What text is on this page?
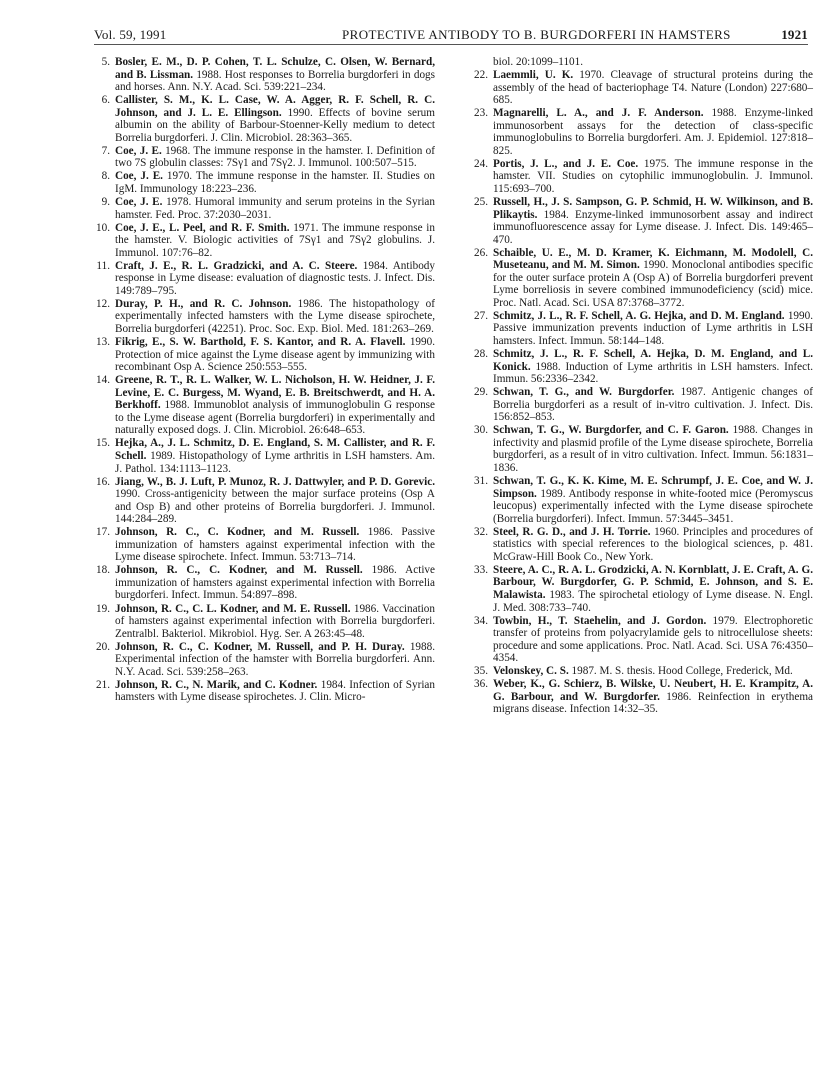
Vol. 59, 1991	PROTECTIVE ANTIBODY TO B. BURGDORFERI IN HAMSTERS	1921
5. Bosler, E. M., D. P. Cohen, T. L. Schulze, C. Olsen, W. Bernard, and B. Lissman. 1988. Host responses to Borrelia burgdorferi in dogs and horses. Ann. N.Y. Acad. Sci. 539:221–234.
6. Callister, S. M., K. L. Case, W. A. Agger, R. F. Schell, R. C. Johnson, and J. L. E. Ellingson. 1990. Effects of bovine serum albumin on the ability of Barbour-Stoenner-Kelly medium to detect Borrelia burgdorferi. J. Clin. Microbiol. 28:363–365.
7. Coe, J. E. 1968. The immune response in the hamster. I. Definition of two 7S globulin classes: 7Sγ1 and 7Sγ2. J. Immunol. 100:507–515.
8. Coe, J. E. 1970. The immune response in the hamster. II. Studies on IgM. Immunology 18:223–236.
9. Coe, J. E. 1978. Humoral immunity and serum proteins in the Syrian hamster. Fed. Proc. 37:2030–2031.
10. Coe, J. E., L. Peel, and R. F. Smith. 1971. The immune response in the hamster. V. Biologic activities of 7Sγ1 and 7Sγ2 globulins. J. Immunol. 107:76–82.
11. Craft, J. E., R. L. Gradzicki, and A. C. Steere. 1984. Antibody response in Lyme disease: evaluation of diagnostic tests. J. Infect. Dis. 149:789–795.
12. Duray, P. H., and R. C. Johnson. 1986. The histopathology of experimentally infected hamsters with the Lyme disease spirochete, Borrelia burgdorferi (42251). Proc. Soc. Exp. Biol. Med. 181:263–269.
13. Fikrig, E., S. W. Barthold, F. S. Kantor, and R. A. Flavell. 1990. Protection of mice against the Lyme disease agent by immunizing with recombinant Osp A. Science 250:553–555.
14. Greene, R. T., R. L. Walker, W. L. Nicholson, H. W. Heidner, J. F. Levine, E. C. Burgess, M. Wyand, E. B. Breitschwerdt, and H. A. Berkhoff. 1988. Immunoblot analysis of immunoglobulin G response to the Lyme disease agent (Borrelia burgdorferi) in experimentally and naturally exposed dogs. J. Clin. Microbiol. 26:648–653.
15. Hejka, A., J. L. Schmitz, D. E. England, S. M. Callister, and R. F. Schell. 1989. Histopathology of Lyme arthritis in LSH hamsters. Am. J. Pathol. 134:1113–1123.
16. Jiang, W., B. J. Luft, P. Munoz, R. J. Dattwyler, and P. D. Gorevic. 1990. Cross-antigenicity between the major surface proteins (Osp A and Osp B) and other proteins of Borrelia burgdorferi. J. Immunol. 144:284–289.
17. Johnson, R. C., C. Kodner, and M. Russell. 1986. Passive immunization of hamsters against experimental infection with the Lyme disease spirochete. Infect. Immun. 53:713–714.
18. Johnson, R. C., C. Kodner, and M. Russell. 1986. Active immunization of hamsters against experimental infection with Borrelia burgdorferi. Infect. Immun. 54:897–898.
19. Johnson, R. C., C. L. Kodner, and M. E. Russell. 1986. Vaccination of hamsters against experimental infection with Borrelia burgdorferi. Zentralbl. Bakteriol. Mikrobiol. Hyg. Ser. A 263:45–48.
20. Johnson, R. C., C. Kodner, M. Russell, and P. H. Duray. 1988. Experimental infection of the hamster with Borrelia burgdorferi. Ann. N.Y. Acad. Sci. 539:258–263.
21. Johnson, R. C., N. Marik, and C. Kodner. 1984. Infection of Syrian hamsters with Lyme disease spirochetes. J. Clin. Micro-
biol. 20:1099–1101.
22. Laemmli, U. K. 1970. Cleavage of structural proteins during the assembly of the head of bacteriophage T4. Nature (London) 227:680–685.
23. Magnarelli, L. A., and J. F. Anderson. 1988. Enzyme-linked immunosorbent assays for the detection of class-specific immunoglobulins to Borrelia burgdorferi. Am. J. Epidemiol. 127:818–825.
24. Portis, J. L., and J. E. Coe. 1975. The immune response in the hamster. VII. Studies on cytophilic immunoglobulin. J. Immunol. 115:693–700.
25. Russell, H., J. S. Sampson, G. P. Schmid, H. W. Wilkinson, and B. Plikaytis. 1984. Enzyme-linked immunosorbent assay and indirect immunofluorescence assay for Lyme disease. J. Infect. Dis. 149:465–470.
26. Schaible, U. E., M. D. Kramer, K. Eichmann, M. Modolell, C. Museteanu, and M. M. Simon. 1990. Monoclonal antibodies specific for the outer surface protein A (Osp A) of Borrelia burgdorferi prevent Lyme borreliosis in severe combined immunodeficiency (scid) mice. Proc. Natl. Acad. Sci. USA 87:3768–3772.
27. Schmitz, J. L., R. F. Schell, A. G. Hejka, and D. M. England. 1990. Passive immunization prevents induction of Lyme arthritis in LSH hamsters. Infect. Immun. 58:144–148.
28. Schmitz, J. L., R. F. Schell, A. Hejka, D. M. England, and L. Konick. 1988. Induction of Lyme arthritis in LSH hamsters. Infect. Immun. 56:2336–2342.
29. Schwan, T. G., and W. Burgdorfer. 1987. Antigenic changes of Borrelia burgdorferi as a result of in-vitro cultivation. J. Infect. Dis. 156:852–853.
30. Schwan, T. G., W. Burgdorfer, and C. F. Garon. 1988. Changes in infectivity and plasmid profile of the Lyme disease spirochete, Borrelia burgdorferi, as a result of in vitro cultivation. Infect. Immun. 56:1831–1836.
31. Schwan, T. G., K. K. Kime, M. E. Schrumpf, J. E. Coe, and W. J. Simpson. 1989. Antibody response in white-footed mice (Peromyscus leucopus) experimentally infected with the Lyme disease spirochete (Borrelia burgdorferi). Infect. Immun. 57:3445–3451.
32. Steel, R. G. D., and J. H. Torrie. 1960. Principles and procedures of statistics with special references to the biological sciences, p. 481. McGraw-Hill Book Co., New York.
33. Steere, A. C., R. A. L. Grodzicki, A. N. Kornblatt, J. E. Craft, A. G. Barbour, W. Burgdorfer, G. P. Schmid, E. Johnson, and S. E. Malawista. 1983. The spirochetal etiology of Lyme disease. N. Engl. J. Med. 308:733–740.
34. Towbin, H., T. Staehelin, and J. Gordon. 1979. Electrophoretic transfer of proteins from polyacrylamide gels to nitrocellulose sheets: procedure and some applications. Proc. Natl. Acad. Sci. USA 76:4350–4354.
35. Velonskey, C. S. 1987. M. S. thesis. Hood College, Frederick, Md.
36. Weber, K., G. Schierz, B. Wilske, U. Neubert, H. E. Krampitz, A. G. Barbour, and W. Burgdorfer. 1986. Reinfection in erythema migrans disease. Infection 14:32–35.
